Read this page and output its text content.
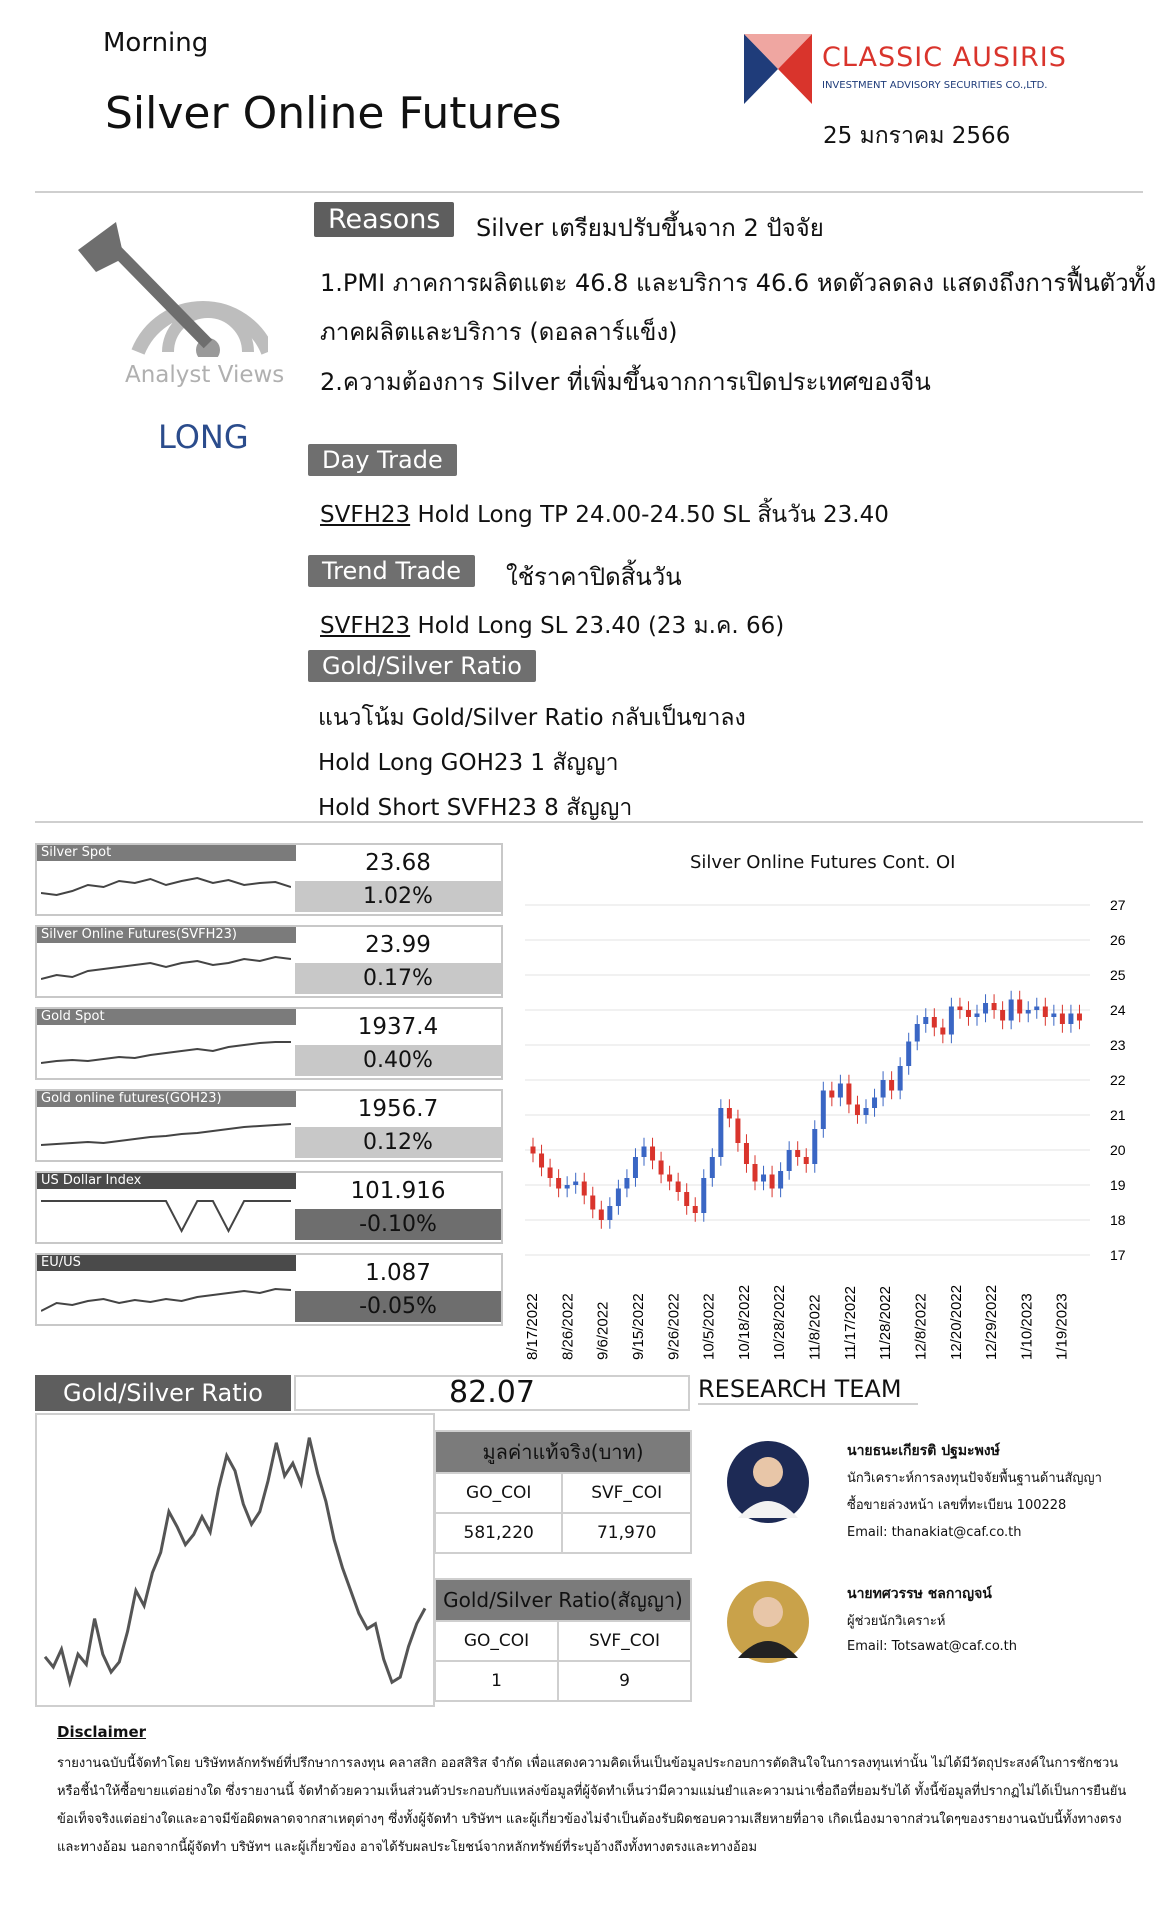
Morning
Silver Online Futures
CLASSIC AUSIRIS
INVESTMENT ADVISORY SECURITIES CO.,LTD.
25 มกราคม 2566
Analyst Views
LONG
Reasons	Silver เตรียมปรับขึ้นจาก 2 ปัจจัย
1.PMI ภาคการผลิตแตะ 46.8 และบริการ 46.6 หดตัวลดลง แสดงถึงการฟื้นตัวทั้ง
ภาคผลิตและบริการ (ดอลลาร์แข็ง)
2.ความต้องการ Silver ที่เพิ่มขึ้นจากการเปิดประเทศของจีน
Day Trade
SVFH23 Hold Long TP 24.00-24.50 SL สิ้นวัน 23.40
Trend Trade	ใช้ราคาปิดสิ้นวัน
SVFH23 Hold Long SL 23.40 (23 ม.ค. 66)
Gold/Silver Ratio
แนวโน้ม Gold/Silver Ratio กลับเป็นขาลง
Hold Long GOH23 1 สัญญา
Hold Short SVFH23 8 สัญญา
Silver Spot	23.68
1.02%
Silver Online Futures(SVFH23)	23.99
0.17%
Gold Spot	1937.4
0.40%
Gold online futures(GOH23)	1956.7
0.12%
US Dollar Index	101.916
-0.10%
EU/US	1.087
-0.05%
Silver Online Futures Cont. OI
17
18
19
20
21
22
23
24
25
26
27
8/17/2022 8/26/2022 9/6/2022 9/15/2022 9/26/2022 10/5/2022 10/18/2022 10/28/2022 11/8/2022 11/17/2022 11/28/2022 12/8/2022 12/20/2022 12/29/2022 1/10/2023 1/19/2023
Gold/Silver Ratio	82.07
มูลค่าแท้จริง(บาท)	
GO_COI	SVF_COI
581,220	71,970
Gold/Silver Ratio(สัญญา)	
GO_COI	SVF_COI
1	9
RESEARCH TEAM
นายธนะเกียรติ ปฐมะพงษ์
นักวิเคราะห์การลงทุนปัจจัยพื้นฐานด้านสัญญา
ซื้อขายล่วงหน้า เลขที่ทะเบียน 100228
Email: thanakiat@caf.co.th
นายทศวรรษ ชลกาญจน์
ผู้ช่วยนักวิเคราะห์
Email: Totsawat@caf.co.th
Disclaimer
รายงานฉบับนี้จัดทำโดย บริษัทหลักทรัพย์ที่ปรึกษาการลงทุน คลาสสิก ออสสิริส จำกัด เพื่อแสดงความคิดเห็นเป็นข้อมูลประกอบการตัดสินใจในการลงทุนเท่านั้น ไม่ได้มีวัตถุประสงค์ในการชักชวนหรือชี้นำให้ซื้อขายแต่อย่างใด ซึ่งรายงานนี้ จัดทำด้วยความเห็นส่วนตัวประกอบกับแหล่งข้อมูลที่ผู้จัดทำเห็นว่ามีความแม่นยำและความน่าเชื่อถือที่ยอมรับได้ ทั้งนี้ข้อมูลที่ปรากฏไม่ได้เป็นการยืนยันข้อเท็จจริงแต่อย่างใดและอาจมีข้อผิดพลาดจากสาเหตุต่างๆ ซึ่งทั้งผู้จัดทำ บริษัทฯ และผู้เกี่ยวข้องไม่จำเป็นต้องรับผิดชอบความเสียหายที่อาจ เกิดเนื่องมาจากส่วนใดๆของรายงานฉบับนี้ทั้งทางตรงและทางอ้อม นอกจากนี้ผู้จัดทำ บริษัทฯ และผู้เกี่ยวข้อง อาจได้รับผลประโยชน์จากหลักทรัพย์ที่ระบุอ้างถึงทั้งทางตรงและทางอ้อม
